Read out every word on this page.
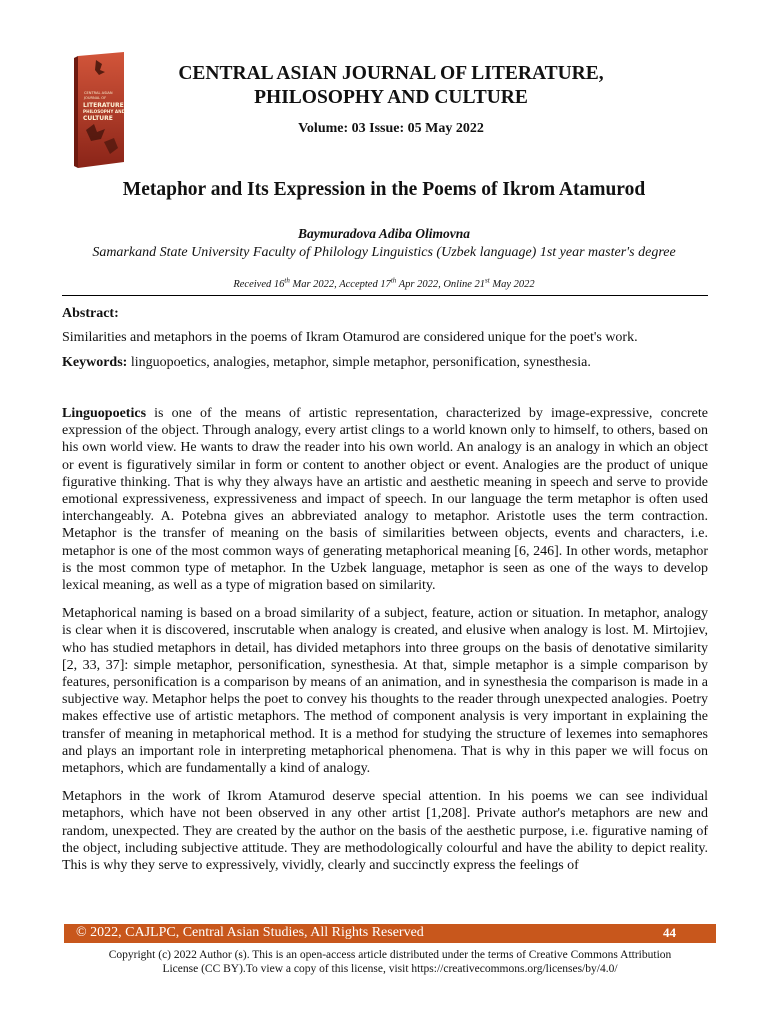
CENTRAL ASIAN
JOURNAL OF
LITERATURE
PHILOSOPHY AND
CULTURE
CENTRAL ASIAN JOURNAL OF LITERATURE,
PHILOSOPHY AND CULTURE
Volume: 03 Issue: 05 May 2022
Metaphor and Its Expression in the Poems of Ikrom Atamurod
Baymuradova Adiba Olimovna
Samarkand State University Faculty of Philology Linguistics (Uzbek language) 1st year master's degree
Received 16th Mar 2022, Accepted 17th Apr 2022, Online 21st May 2022
Abstract:
Similarities and metaphors in the poems of Ikram Otamurod are considered unique for the poet's work.
Keywords: linguopoetics, analogies, metaphor, simple metaphor, personification, synesthesia.

Linguopoetics is one of the means of artistic representation, characterized by image-expressive, concrete expression of the object. Through analogy, every artist clings to a world known only to himself, to others, based on his own world view. He wants to draw the reader into his own world. An analogy is an analogy in which an object or event is figuratively similar in form or content to another object or event. Analogies are the product of unique figurative thinking. That is why they always have an artistic and aesthetic meaning in speech and serve to provide emotional expressiveness, expressiveness and impact of speech. In our language the term metaphor is often used interchangeably. A. Potebna gives an abbreviated analogy to metaphor. Aristotle uses the term contraction. Metaphor is the transfer of meaning on the basis of similarities between objects, events and characters, i.e. metaphor is one of the most common ways of generating metaphorical meaning [6, 246]. In other words, metaphor is the most common type of metaphor. In the Uzbek language, metaphor is seen as one of the ways to develop lexical meaning, as well as a type of migration based on similarity.

Metaphorical naming is based on a broad similarity of a subject, feature, action or situation. In metaphor, analogy is clear when it is discovered, inscrutable when analogy is created, and elusive when analogy is lost. M. Mirtojiev, who has studied metaphors in detail, has divided metaphors into three groups on the basis of denotative similarity [2, 33, 37]: simple metaphor, personification, synesthesia. At that, simple metaphor is a simple comparison by features, personification is a comparison by means of an animation, and in synesthesia the comparison is made in a subjective way. Metaphor helps the poet to convey his thoughts to the reader through unexpected analogies. Poetry makes effective use of artistic metaphors. The method of component analysis is very important in explaining the transfer of meaning in metaphorical method. It is a method for studying the structure of lexemes into semaphores and plays an important role in interpreting metaphorical phenomena. That is why in this paper we will focus on metaphors, which are fundamentally a kind of analogy.

Metaphors in the work of Ikrom Atamurod deserve special attention. In his poems we can see individual metaphors, which have not been observed in any other artist [1,208]. Private author's metaphors are new and random, unexpected. They are created by the author on the basis of the aesthetic purpose, i.e. figurative naming of the object, including subjective attitude. They are methodologically colourful and have the ability to depict reality. This is why they serve to expressively, vividly, clearly and succinctly express the feelings of

© 2022, CAJLPC, Central Asian Studies, All Rights Reserved	44
Copyright (c) 2022 Author (s). This is an open-access article distributed under the terms of Creative Commons Attribution
License (CC BY).To view a copy of this license, visit https://creativecommons.org/licenses/by/4.0/
